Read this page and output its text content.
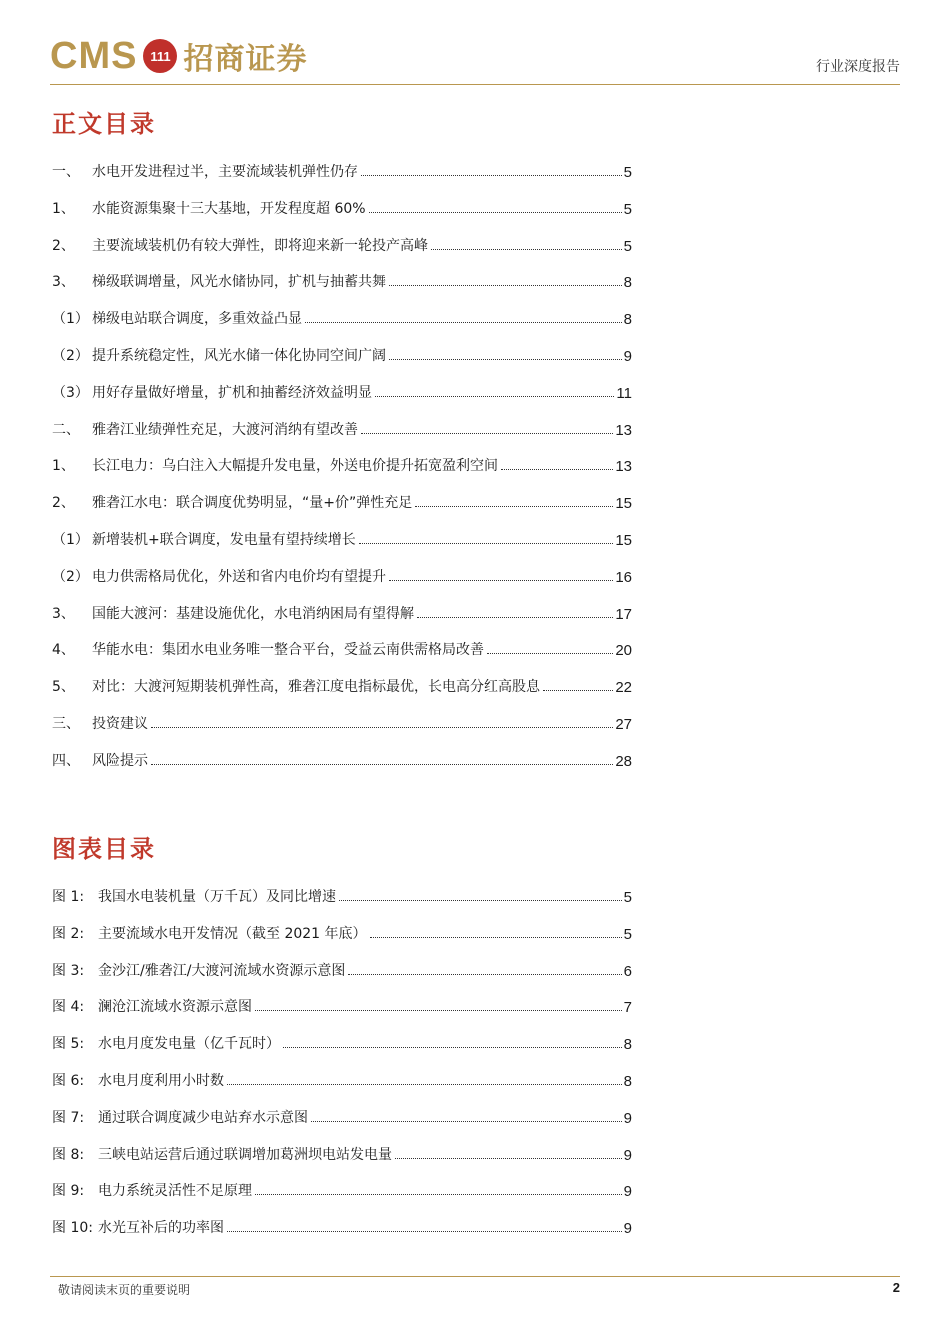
CMS 111 招商证券	行业深度报告
正文目录
一、 水电开发进程过半，主要流域装机弹性仍存	5
1、	水能资源集聚十三大基地，开发程度超 60%	5
2、	主要流域装机仍有较大弹性，即将迎来新一轮投产高峰	5
3、	梯级联调增量，风光水储协同，扩机与抽蓄共舞	8
（1） 梯级电站联合调度，多重效益凸显	8
（2） 提升系统稳定性，风光水储一体化协同空间广阔	9
（3） 用好存量做好增量，扩机和抽蓄经济效益明显	11
二、 雅砻江业绩弹性充足，大渡河消纳有望改善	13
1、	长江电力：乌白注入大幅提升发电量，外送电价提升拓宽盈利空间	13
2、	雅砻江水电：联合调度优势明显，“量+价”弹性充足	15
（1） 新增装机+联合调度，发电量有望持续增长	15
（2） 电力供需格局优化，外送和省内电价均有望提升	16
3、	国能大渡河：基建设施优化，水电消纳困局有望得解	17
4、	华能水电：集团水电业务唯一整合平台，受益云南供需格局改善	20
5、	对比：大渡河短期装机弹性高，雅砻江度电指标最优，长电高分红高股息	22
三、 投资建议	27
四、 风险提示	28
图表目录
图 1: 我国水电装机量（万千瓦）及同比增速	5
图 2: 主要流域水电开发情况（截至 2021 年底）	5
图 3: 金沙江/雅砻江/大渡河流域水资源示意图	6
图 4: 澜沧江流域水资源示意图	7
图 5: 水电月度发电量（亿千瓦时）	8
图 6: 水电月度利用小时数	8
图 7: 通过联合调度减少电站弃水示意图	9
图 8: 三峡电站运营后通过联调增加葛洲坝电站发电量	9
图 9: 电力系统灵活性不足原理	9
图 10: 水光互补后的功率图	9
敬请阅读末页的重要说明	2
